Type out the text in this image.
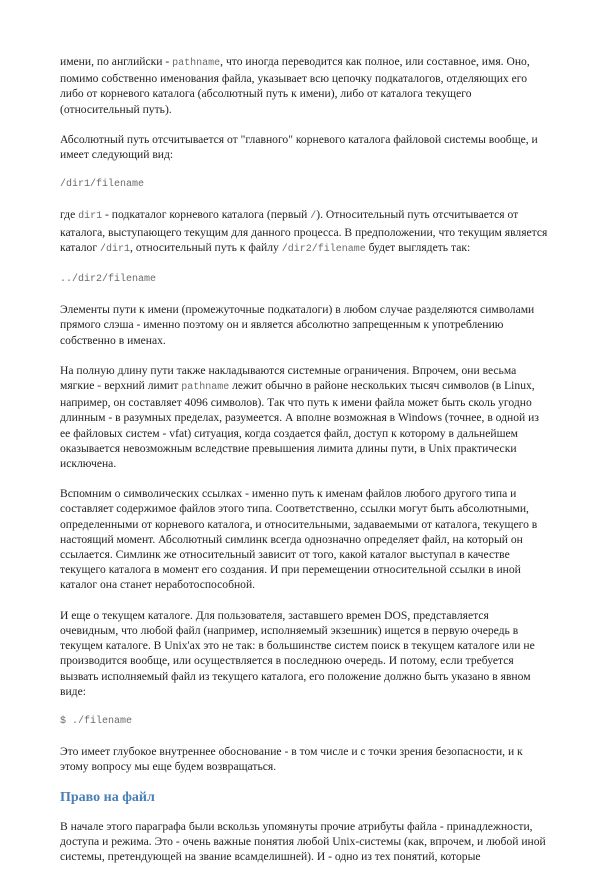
имени, по английски - pathname, что иногда переводится как полное, или составное, имя. Оно, помимо собственно именования файла, указывает всю цепочку подкаталогов, отделяющих его либо от корневого каталога (абсолютный путь к имени), либо от каталога текущего (относительный путь).

Абсолютный путь отсчитывается от "главного" корневого каталога файловой системы вообще, и имеет следующий вид:

/dir1/filename

где dir1 - подкаталог корневого каталога (первый /). Относительный путь отсчитывается от каталога, выступающего текущим для данного процесса. В предположении, что текущим является каталог /dir1, относительный путь к файлу /dir2/filename будет выглядеть так:

../dir2/filename

Элементы пути к имени (промежуточные подкаталоги) в любом случае разделяются символами прямого слэша - именно поэтому он и является абсолютно запрещенным к употреблению собственно в именах.

На полную длину пути также накладываются системные ограничения. Впрочем, они весьма мягкие - верхний лимит pathname лежит обычно в районе нескольких тысяч символов (в Linux, например, он составляет 4096 символов). Так что путь к имени файла может быть сколь угодно длинным - в разумных пределах, разумеется. А вполне возможная в Windows (точнее, в одной из ее файловых систем - vfat) ситуация, когда создается файл, доступ к которому в дальнейшем оказывается невозможным вследствие превышения лимита длины пути, в Unix практически исключена.

Вспомним о символических ссылках - именно путь к именам файлов любого другого типа и составляет содержимое файлов этого типа. Соответственно, ссылки могут быть абсолютными, определенными от корневого каталога, и относительными, задаваемыми от каталога, текущего в настоящий момент. Абсолютный симлинк всегда однозначно определяет файл, на который он ссылается. Симлинк же относительный зависит от того, какой каталог выступал в качестве текущего каталога в момент его создания. И при перемещении относительной ссылки в иной каталог она станет неработоспособной.

И еще о текущем каталоге. Для пользователя, заставшего времен DOS, представляется очевидным, что любой файл (например, исполняемый экзешник) ищется в первую очередь в текущем каталоге. В Unix'ах это не так: в большинстве систем поиск в текущем каталоге или не производится вообще, или осуществляется в последнюю очередь. И потому, если требуется вызвать исполняемый файл из текущего каталога, его положение должно быть указано в явном виде:

$ ./filename

Это имеет глубокое внутреннее обоснование - в том числе и с точки зрения безопасности, и к этому вопросу мы еще будем возвращаться.

Право на файл

В начале этого параграфа были вскользь упомянуты прочие атрибуты файла - принадлежности, доступа и режима. Это - очень важные понятия любой Unix-системы (как, впрочем, и любой иной системы, претендующей на звание всамделишней). И - одно из тех понятий, которые
